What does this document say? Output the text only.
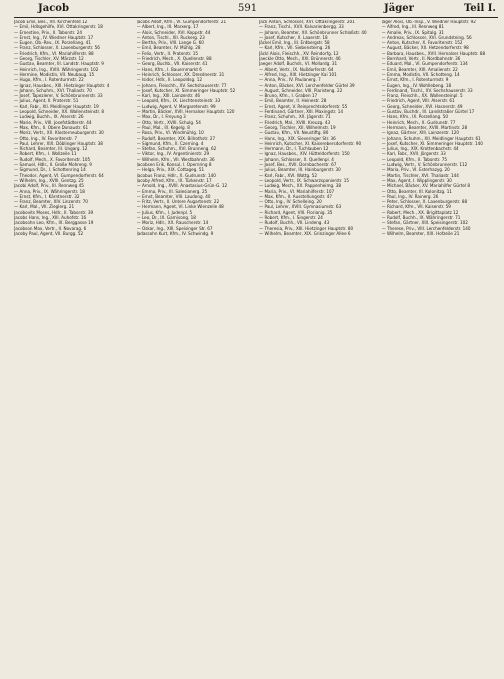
Jacob	591	Jäger	Teil I.
Jacob Emil, Bes., VII. Kirchenfeld 12
— Emil, Hdlsgehilfe, XVI. Ottakringerstr. 18
— Ernestine, Priv., II. Taborstr. 24
— Ernst, Ing., IV. Wiedner Hauptstr. 17
— Eugen, Ob.-Rev., IX. Porzellang. 41
— Franz, Schlosser, X. Laxenburgerstr. 56
— Friedrich, Kfm., VI. Mariahilferstr. 88
— Georg, Tischler, XV. Märzstr. 12
— Gustav, Beamter, III. Landstr. Hauptstr. 9
— Heinrich, Ing., XVIII. Währingerstr. 102
— Hermine, Modistin, VII. Neubaug. 15
— Hugo, Kfm., I. Rotenturmstr. 22
— Ignaz, Hausbes., XIII. Hietzinger Hauptstr. 4
— Johann, Schuhm., XVI. Thaliastr. 70
— Josef, Tapezierer, V. Schönbrunnerstr. 33
— Julius, Agent, II. Praterstr. 51
— Karl, Fabr., XII. Meidlinger Hauptstr. 19
— Leopold, Schneider, XX. Wallensteinstr. 8
— Ludwig, Buchh., IX. Alserstr. 26
— Marie, Priv., VIII. Josefstädterstr. 44
— Max, Kfm., II. Obere Donaustr. 61
— Moriz, Vertr., XX. Klosterneuburgerstr. 30
— Otto, Ing., IV. Favoritenstr. 7
— Paul, Lehrer, XIX. Döblinger Hauptstr. 38
— Richard, Beamter, III. Ungarg. 12
— Robert, Kfm., I. Wollzeile 11
— Rudolf, Mech., X. Favoritenstr. 105
— Samuel, Hdlr., II. Große Mohreng. 9
— Sigmund, Dr., I. Schottenring 14
— Theodor, Agent, VI. Gumpendorferstr. 64
— Wilhelm, Ing., XVIII. Gentzg. 25
Jacobi Adolf, Priv., III. Rennweg 45
— Anna, Priv., IX. Währingerstr. 18
— Ernst, Kfm., I. Kärntnerstr. 32
— Franz, Beamter, XIV. Linzerstr. 70
— Karl, Mal., VII. Zieglerg. 21
Jacobovits Moses, Hdlr., II. Taborstr. 39
Jacobs Hans, Ing., XIII. Auhofstr. 16
Jacobsohn Leo, Kfm., IX. Berggasse 19
Jacobson Max, Vertr., II. Novarag. 6
Jacoby Paul, Agent, VII. Burgg. 52
Jacobs Adolf, Kfm., VI. Gumpendorferstr. 21
— Albert, Ing., III. Marxerg. 17
— Alois, Schneider, XVI. Koppstr. 44
— Anton, Tischl., XII. Ruckerg. 23
— Bertha, Priv., VIII. Lange G. 60
— Emil, Beamter, IV. Mühlg. 28
— Felix, Vertr., II. Praterstr. 15
— Friedrich, Mech., X. Quellenstr. 88
— Georg, Buchb., VII. Kaiserstr. 41
— Hans, Kfm., I. Bauernmarkt 6
— Heinrich, Schlosser, XX. Dresdnerstr. 31
— Isidor, Hdlr., II. Leopoldsg. 12
— Johann, Fleischh., XV. Sechshauserstr. 77
— Josef, Kutscher, XI. Simmeringer Hauptstr. 52
— Karl, Ing., XIII. Lainzerstr. 46
— Leopold, Kfm., IX. Liechtensteinstr. 33
— Ludwig, Agent, V. Margaretenstr. 99
— Martin, Bäcker, XVII. Hernalser Hauptstr. 120
— Max, Dr., I. Freyung 3
— Otto, Vertr., XVIII. Schulg. 54
— Paul, Mal., III. Kegelg. 8
— Rosa, Priv., VI. Windmühlg. 10
— Rudolf, Beamter, XIX. Billrothstr. 27
— Sigmund, Kfm., II. Czerning. 4
— Stefan, Schuhm., XVI. Brunneng. 62
— Viktor, Ing., IV. Argentinierstr. 29
— Wilhelm, Kfm., VII. Westbahnstr. 36
Jacobsen Erik, Konsul, I. Opernring 8
— Helga, Priv., XIX. Cottageg. 51
Jacobus Franz, Hdlr., X. Gudrunstr. 140
Jacoby Alfred, Kfm., IX. Türkenstr. 17
— Arnold, Ing., XVIII. Anastasius-Grün-G. 12
— Emma, Priv., III. Salesianerg. 25
— Ernst, Beamter, VIII. Laudong. 40
— Fritz, Vertr., II. Untere Augartenstr. 22
— Hermann, Agent, VI. Linke Wienzeile 48
— Julius, Kfm., I. Judenpl. 5
— Leo, Dr., IX. Garnisong. 18
— Moriz, Hdlr., XX. Rauscherstr. 14
— Oskar, Ing., XIII. Speisinger Str. 67
Jadassohn Kurt, Kfm., IV. Schwindg. 9
Jäck Anton, Schlosser, XVI. Ottakringerstr. 201
— Franz, Tischl., XVII. Kalvarienbergg. 33
— Johann, Beamter, XII. Schönbrunner Schloßstr. 40
— Josef, Kutscher, X. Laaerstr. 18
Jäckel Emil, Ing., III. Erdbergstr. 58
— Karl, Kfm., VII. Siebensterng. 26
Jäckl Alois, Fleischh., XV. Reindorfg. 12
Jaeckle Otto, Mech., XXI. Brünnerstr. 46
Jaeger Adolf, Buchdr., VI. Mollardg. 31
— Albert, Vertr., IX. Nußdorferstr. 64
— Alfred, Ing., XIII. Hietzinger Kai 101
— Anna, Priv., IV. Paulanerg. 7
— Anton, Bäcker, XVI. Lerchenfelder Gürtel 39
— August, Schneider, VIII. Piaristeng. 22
— Bruno, Kfm., I. Graben 17
— Emil, Beamter, II. Heinestr. 28
— Ernst, Agent, V. Reinprechtsdorferstr. 55
— Ferdinand, Gärtner, XIII. Maxingstr. 14
— Franz, Schuhm., XX. Jägerstr. 71
— Friedrich, Mal., XVIII. Kreuzg. 43
— Georg, Tischler, XII. Wilhelmstr. 19
— Gustav, Kfm., VII. Neustiftg. 80
— Hans, Ing., XIX. Sieveringer Str. 36
— Heinrich, Kutscher, XI. Kaiserebersdorferstr. 90
— Hermann, Dr., I. Tuchlauben 12
— Ignaz, Hausbes., XIV. Hütteldorferstr. 150
— Johann, Schlosser, X. Quellenpl. 4
— Josef, Bes., XVII. Dornbacherstr. 67
— Julius, Beamter, III. Hainburgerstr. 30
— Karl, Fabr., XVI. Wattg. 52
— Leopold, Vertr., IX. Schwarzspanierstr. 15
— Ludwig, Mech., XX. Pappenheimg. 38
— Maria, Priv., VI. Mariahilferstr. 107
— Max, Kfm., II. Ausstellungsstr. 47
— Otto, Ing., IV. Schelleing. 20
— Paul, Lehrer, XVIII. Gymnasiumstr. 63
— Richard, Agent, VIII. Florianig. 35
— Robert, Kfm., I. Singerstr. 24
— Rudolf, Buchh., VII. Lindeng. 43
— Theresia, Priv., XIII. Hietzinger Hauptstr. 80
— Wilhelm, Beamter, XIX. Grinzinger Allee 6
Jäger Alois, Ob.-Insp., V. Wiedner Hauptstr. 92
— Alfred, Ing., III. Rennweg 81
— Amalie, Priv., IX. Spitalg. 31
— Andreas, Schlosser, XVI. Grundsteing. 56
— Anton, Kutscher, X. Favoritenstr. 152
— August, Bäcker, XII. Hetzendorferstr. 98
— Barbara, Hausbes., XVII. Hernalser Hauptstr. 88
— Bernhard, Vertr., II. Nordbahnstr. 36
— Eduard, Mal., VI. Gumpendorferstr. 134
— Emil, Beamter, XIII. Amalienstr. 22
— Emma, Modistin, VII. Schotteng. 14
— Ernst, Kfm., I. Rotenturmstr. 9
— Eugen, Ing., IV. Wohllebeng. 18
— Ferdinand, Tischl., XV. Sechshauserstr. 33
— Franz, Fleischh., XX. Wallensteinpl. 5
— Friedrich, Agent, VIII. Alserstr. 61
— Georg, Schneider, XVI. Hasnerstr. 49
— Gustav, Buchdr., III. Landstraßer Gürtel 17
— Hans, Kfm., IX. Porzellang. 50
— Heinrich, Mech., X. Gudrunstr. 77
— Hermann, Beamter, XVIII. Martinstr. 28
— Ignaz, Gärtner, XIII. Lainzerstr. 120
— Johann, Schuhm., XII. Meidlinger Hauptstr. 61
— Josef, Kutscher, XI. Simmeringer Hauptstr. 140
— Julius, Ing., XIX. Krottenbachstr. 44
— Karl, Fabr., XVII. Jörgerstr. 33
— Leopold, Kfm., II. Taborstr. 75
— Ludwig, Vertr., V. Schönbrunnerstr. 112
— Maria, Priv., VI. Esterhazyg. 20
— Martin, Tischler, XVI. Thaliastr. 144
— Max, Agent, I. Wipplingerstr. 30
— Michael, Bäcker, XV. Mariahilfer Gürtel 8
— Otto, Beamter, III. Kolonitzg. 11
— Paul, Ing., IV. Rainerg. 26
— Peter, Schlosser, X. Laxenburgerstr. 88
— Richard, Kfm., VII. Kaiserstr. 59
— Robert, Mech., XX. Brigittaplatz 12
— Rudolf, Buchh., IX. Währingerstr. 71
— Stefan, Gärtner, XIII. Speisingerstr. 102
— Therese, Priv., VIII. Lerchenfelderstr. 140
— Wilhelm, Beamter, XIX. Hofzeile 21
